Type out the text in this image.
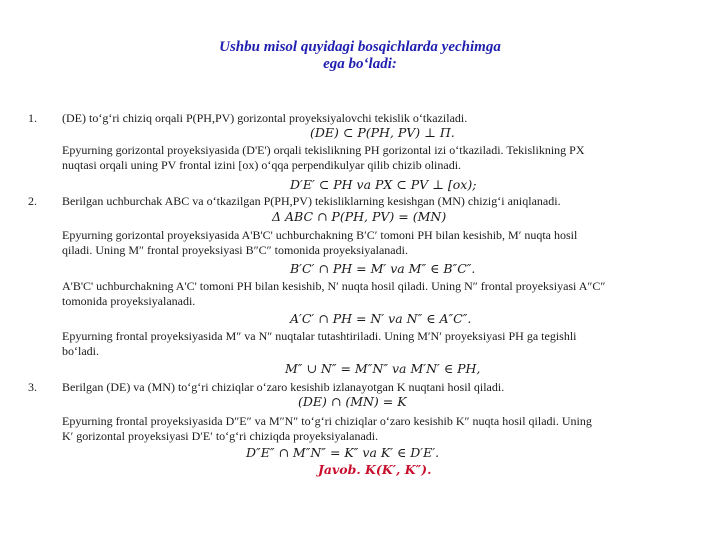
Ushbu misol quyidagi bosqichlarda yechimga
ega bo‘ladi:
1. (DE) to‘g‘ri chiziq orqali P(PH,PV) gorizontal proyeksiyalovchi tekislik o‘tkaziladi.
(DE) ⊂ P(PH, PV) ⊥ Π.
Epyurning gorizontal proyeksiyasida (D'E') orqali tekislikning PH gorizontal izi o‘tkaziladi. Tekislikning PX
nuqtasi orqali uning PV frontal izini [ox) o‘qqa perpendikulyar qilib chizib olinadi.
D′E′ ⊂ PH va PX ⊂ PV ⊥ [ox);
2. Berilgan uchburchak ABC va o‘tkazilgan P(PH,PV) tekisliklarning kesishgan (MN) chizig‘i aniqlanadi.
Δ ABC ∩ P(PH, PV) = (MN)
Epyurning gorizontal proyeksiyasida A'B'C' uchburchakning B′C′ tomoni PH bilan kesishib, M′ nuqta hosil
qiladi. Uning M″ frontal proyeksiyasi B″C″ tomonida proyeksiyalanadi.
B′C′ ∩ PH = M′ va M″ ∈ B″C″.
A'B'C' uchburchakning A'C' tomoni PH bilan kesishib, N′ nuqta hosil qiladi. Uning N″ frontal proyeksiyasi A″C″
tomonida proyeksiyalanadi.
A′C′ ∩ PH = N′ va N″ ∈ A″C″.
Epyurning frontal proyeksiyasida M″ va N″ nuqtalar tutashtiriladi. Uning M′N′ proyeksiyasi PH ga tegishli
bo‘ladi.
M″ ∪ N″ = M″N″ va M′N′ ∈ PH,
3. Berilgan (DE) va (MN) to‘g‘ri chiziqlar o‘zaro kesishib izlanayotgan K nuqtani hosil qiladi.
(DE) ∩ (MN) = K
Epyurning frontal proyeksiyasida D″E″ va M″N″ to‘g‘ri chiziqlar o‘zaro kesishib K″ nuqta hosil qiladi. Uning
K′ gorizontal proyeksiyasi D′E′ to‘g‘ri chiziqda proyeksiyalanadi.
D″E″ ∩ M″N″ = K″ va K′ ∈ D′E′.
Javob. K(K′, K″).
